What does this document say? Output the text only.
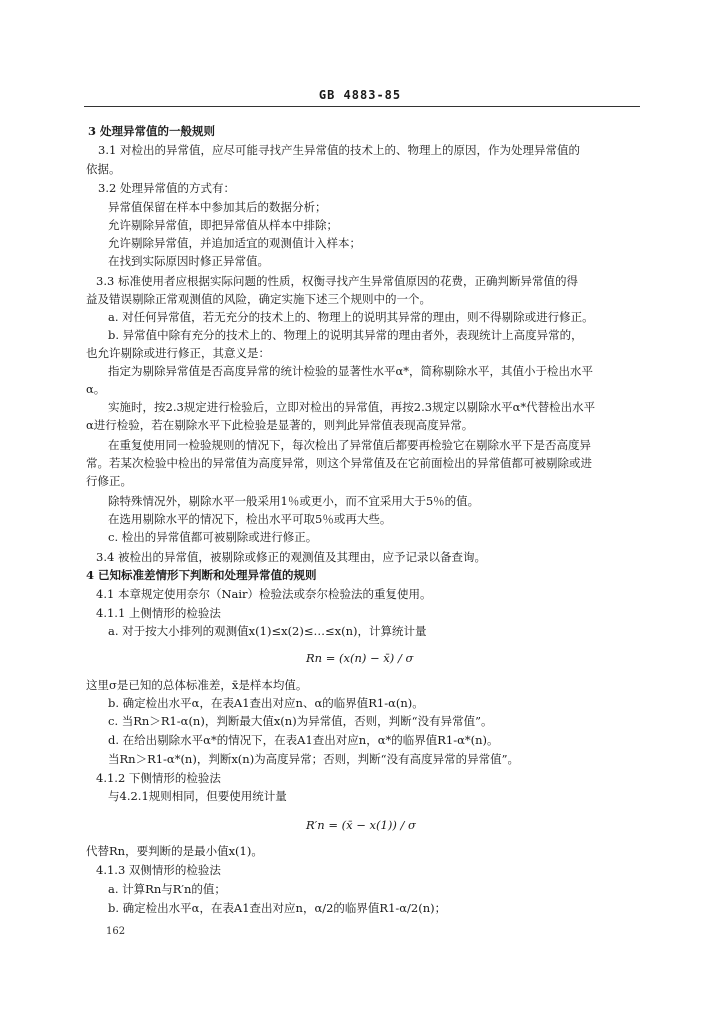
GB 4883-85
3 处理异常值的一般规则
3.1 对检出的异常值，应尽可能寻找产生异常值的技术上的、物理上的原因，作为处理异常值的
依据。
3.2 处理异常值的方式有：
异常值保留在样本中参加其后的数据分析；
允许剔除异常值，即把异常值从样本中排除；
允许剔除异常值，并追加适宜的观测值计入样本；
在找到实际原因时修正异常值。
3.3 标准使用者应根据实际问题的性质，权衡寻找产生异常值原因的花费，正确判断异常值的得
益及错误剔除正常观测值的风险，确定实施下述三个规则中的一个。
a. 对任何异常值，若无充分的技术上的、物理上的说明其异常的理由，则不得剔除或进行修正。
b. 异常值中除有充分的技术上的、物理上的说明其异常的理由者外，表现统计上高度异常的，
也允许剔除或进行修正，其意义是：
指定为剔除异常值是否高度异常的统计检验的显著性水平α*，简称剔除水平，其值小于检出水平
α。
实施时，按2.3规定进行检验后，立即对检出的异常值，再按2.3规定以剔除水平α*代替检出水平
α进行检验，若在剔除水平下此检验是显著的，则判此异常值表现高度异常。
在重复使用同一检验规则的情况下，每次检出了异常值后都要再检验它在剔除水平下是否高度异
常。若某次检验中检出的异常值为高度异常，则这个异常值及在它前面检出的异常值都可被剔除或进
行修正。
除特殊情况外，剔除水平一般采用1％或更小，而不宜采用大于5％的值。
在选用剔除水平的情况下，检出水平可取5％或再大些。
c. 检出的异常值都可被剔除或进行修正。
3.4 被检出的异常值，被剔除或修正的观测值及其理由，应予记录以备查询。
4 已知标准差情形下判断和处理异常值的规则
4.1 本章规定使用奈尔（Nair）检验法或奈尔检验法的重复使用。
4.1.1 上侧情形的检验法
a. 对于按大小排列的观测值x(1)≤x(2)≤…≤x(n)，计算统计量
Rn = (x(n) − x̄) / σ
这里σ是已知的总体标准差，x̄是样本均值。
b. 确定检出水平α，在表A1查出对应n、α的临界值R1-α(n)。
c. 当Rn＞R1-α(n)，判断最大值x(n)为异常值，否则，判断“没有异常值”。
d. 在给出剔除水平α*的情况下，在表A1查出对应n，α*的临界值R1-α*(n)。
当Rn＞R1-α*(n)，判断x(n)为高度异常；否则，判断“没有高度异常的异常值”。
4.1.2 下侧情形的检验法
与4.2.1规则相同，但要使用统计量
R′n = (x̄ − x(1)) / σ
代替Rn，要判断的是最小值x(1)。
4.1.3 双侧情形的检验法
a. 计算Rn与R′n的值；
b. 确定检出水平α，在表A1查出对应n，α/2的临界值R1-α/2(n)；
162
